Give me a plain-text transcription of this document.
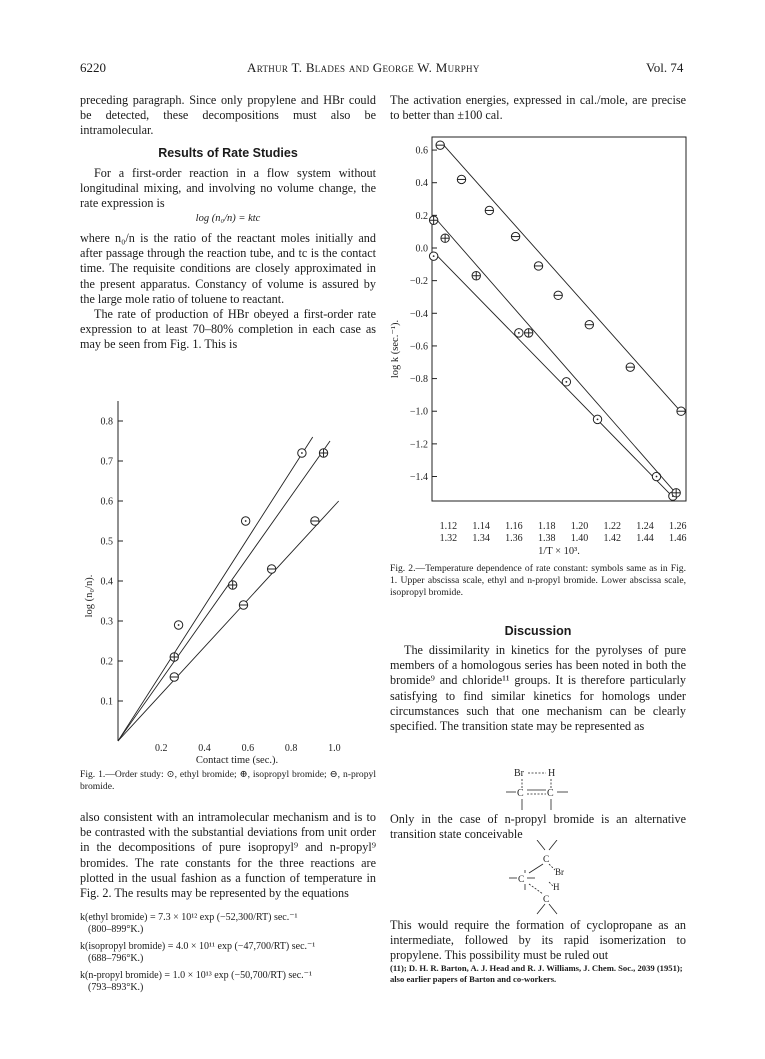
6220	Arthur T. Blades and George W. Murphy	Vol. 74

preceding paragraph. Since only propylene and HBr could be detected, these decompositions must also be intramolecular.

Results of Rate Studies

For a first-order reaction in a flow system without longitudinal mixing, and involving no volume change, the rate expression is

log (n₀/n) = ktc

where n₀/n is the ratio of the reactant moles initially and after passage through the reaction tube, and tc is the contact time. The requisite conditions are closely approximated in the present apparatus. Constancy of volume is assured by the large mole ratio of toluene to reactant.

The rate of production of HBr obeyed a first-order rate expression to at least 70–80% completion in each case as may be seen from Fig. 1. This is

0.1
0.2
0.3
0.4
0.5
0.6
0.7
0.8
0.2	0.4	0.6	0.8	1.0
Contact time (sec.).
log (n₀/n).
Fig. 1.—Order study: ⊙, ethyl bromide; ⊕, isopropyl bromide; ⊖, n-propyl bromide.

also consistent with an intramolecular mechanism and is to be contrasted with the substantial deviations from unit order in the decompositions of pure isopropyl⁹ and n-propyl⁹ bromides. The rate constants for the three reactions are plotted in the usual fashion as a function of temperature in Fig. 2. The results may be represented by the equations

k(ethyl bromide) = 7.3 × 10¹² exp (−52,300/RT) sec.⁻¹
(800–899°K.)
k(isopropyl bromide) = 4.0 × 10¹¹ exp (−47,700/RT) sec.⁻¹
(688–796°K.)
k(n-propyl bromide) = 1.0 × 10¹³ exp (−50,700/RT) sec.⁻¹
(793–893°K.)

The activation energies, expressed in cal./mole, are precise to better than ±100 cal.

0.6
0.4
0.2
0.0
−0.2
−0.4
−0.6
−0.8
−1.0
−1.2
−1.4
1.12
1.32
1.14
1.34
1.16
1.36
1.18
1.38
1.20
1.40
1.22
1.42
1.24
1.44
1.26
1.46
1/T × 10³.
log k (sec.⁻¹).
Fig. 2.—Temperature dependence of rate constant: symbols same as in Fig. 1. Upper abscissa scale, ethyl and n-propyl bromide. Lower abscissa scale, isopropyl bromide.
Discussion

The dissimilarity in kinetics for the pyrolyses of pure members of a homologous series has been noted in both the bromide⁹ and chloride¹¹ groups. It is therefore particularly satisfying to find similar kinetics for homologs under circumstances such that one mechanism can be clearly specified. The transition state may be represented as

Br H
C C

Only in the case of n-propyl bromide is an alternative transition state conceivable

C
Br
C
H
C

This would require the formation of cyclopropane as an intermediate, followed by its rapid isomerization to propylene. This possibility must be ruled out

(11); D. H. R. Barton, A. J. Head and R. J. Williams, J. Chem. Soc., 2039 (1951); also earlier papers of Barton and co-workers.
